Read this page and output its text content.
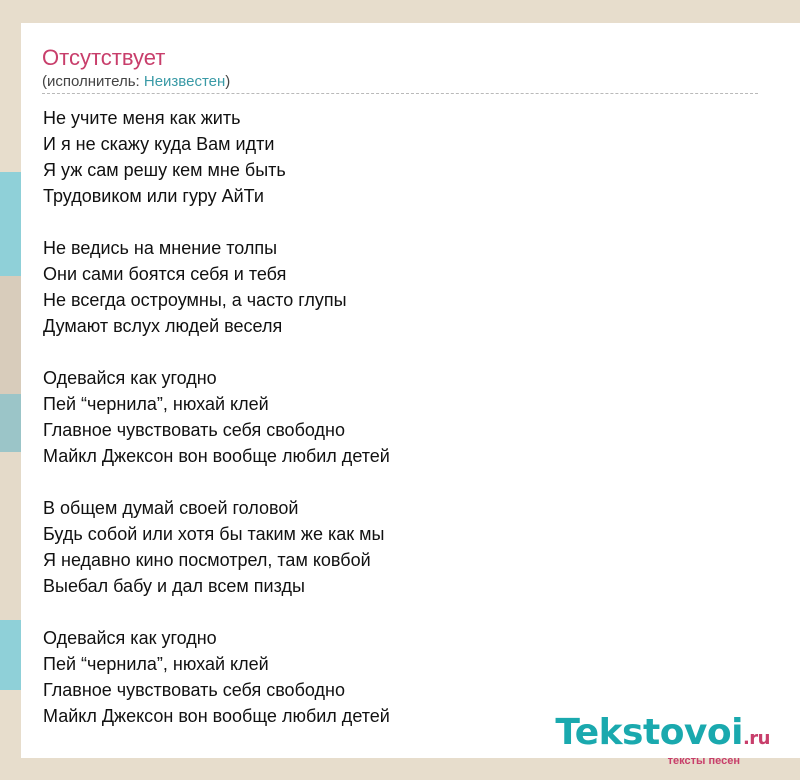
Отсутствует
(исполнитель: Неизвестен)
Не учите меня как жить
И я не скажу куда Вам идти
Я уж сам решу кем мне быть
Трудовиком или гуру АйТи
Не ведись на мнение толпы
Они сами боятся себя и тебя
Не всегда остроумны, а часто глупы
Думают вслух людей веселя
Одевайся как угодно
Пей “чернила”, нюхай клей
Главное чувствовать себя свободно
Майкл Джексон вон вообще любил детей
В общем думай своей головой
Будь собой или хотя бы таким же как мы
Я недавно кино посмотрел, там ковбой
Выебал бабу и дал всем пизды
Одевайся как угодно
Пей “чернила”, нюхай клей
Главное чувствовать себя свободно
Майкл Джексон вон вообще любил детей	Tekstovoi.ru
тексты песен
